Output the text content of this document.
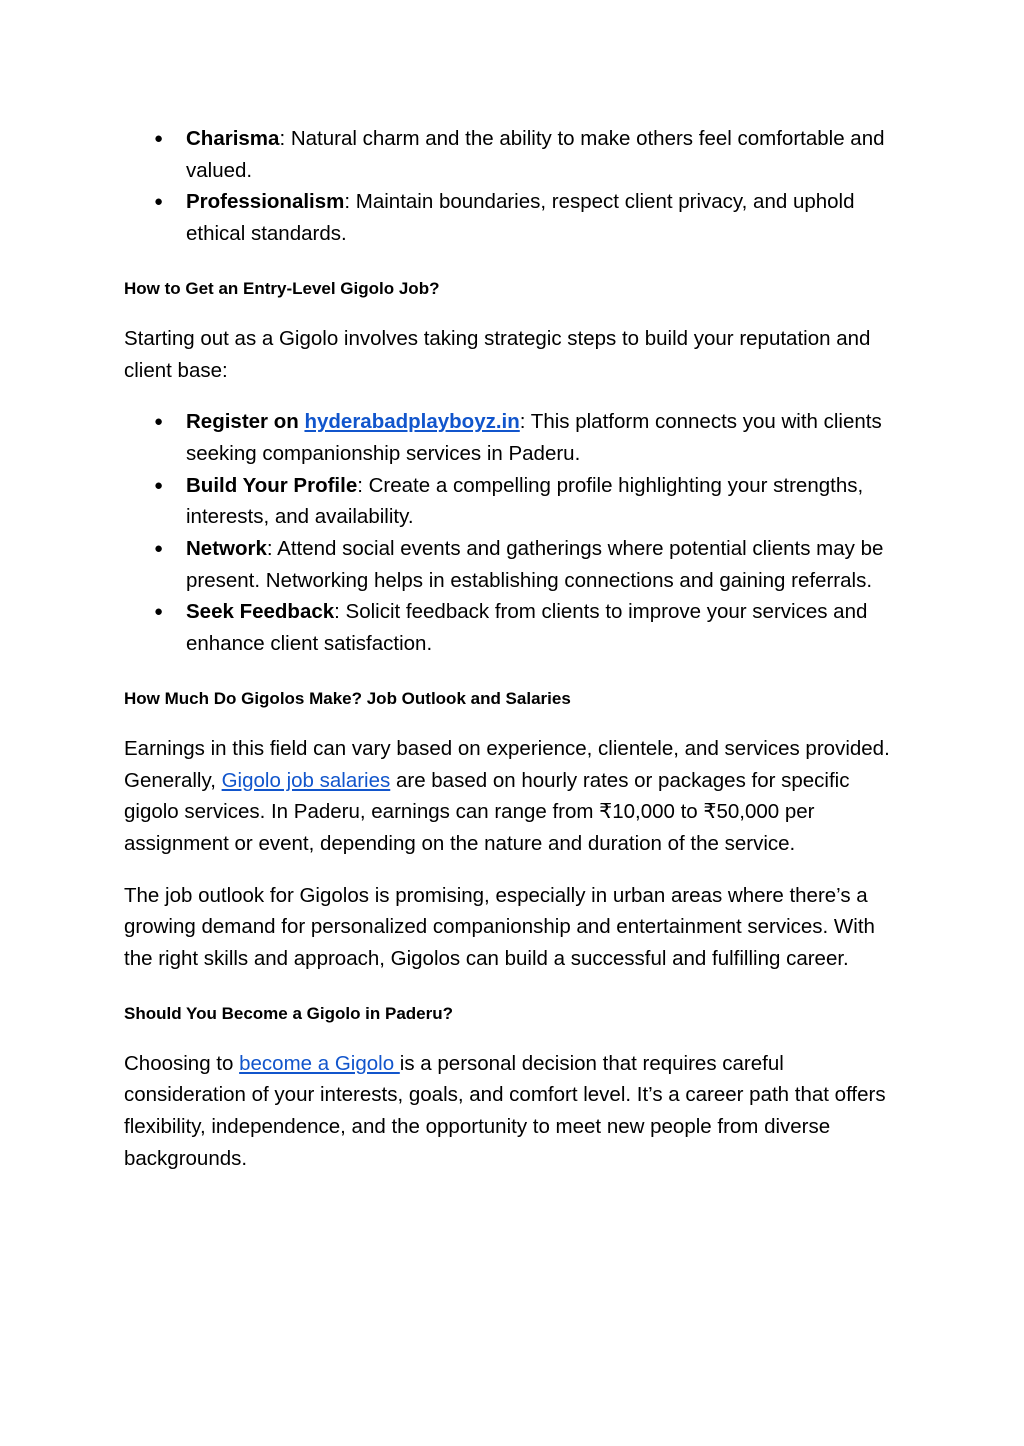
● Charisma: Natural charm and the ability to make others feel comfortable and valued.
● Professionalism: Maintain boundaries, respect client privacy, and uphold ethical standards.
How to Get an Entry-Level Gigolo Job?

Starting out as a Gigolo involves taking strategic steps to build your reputation and client base:

● Register on hyderabadplayboyz.in: This platform connects you with clients seeking companionship services in Paderu.
● Build Your Profile: Create a compelling profile highlighting your strengths, interests, and availability.
● Network: Attend social events and gatherings where potential clients may be present. Networking helps in establishing connections and gaining referrals.
● Seek Feedback: Solicit feedback from clients to improve your services and enhance client satisfaction.
How Much Do Gigolos Make? Job Outlook and Salaries

Earnings in this field can vary based on experience, clientele, and services provided. Generally, Gigolo job salaries are based on hourly rates or packages for specific gigolo services. In Paderu, earnings can range from ₹10,000 to ₹50,000 per assignment or event, depending on the nature and duration of the service.

The job outlook for Gigolos is promising, especially in urban areas where there’s a growing demand for personalized companionship and entertainment services. With the right skills and approach, Gigolos can build a successful and fulfilling career.

Should You Become a Gigolo in Paderu?

Choosing to become a Gigolo is a personal decision that requires careful consideration of your interests, goals, and comfort level. It’s a career path that offers flexibility, independence, and the opportunity to meet new people from diverse backgrounds.
